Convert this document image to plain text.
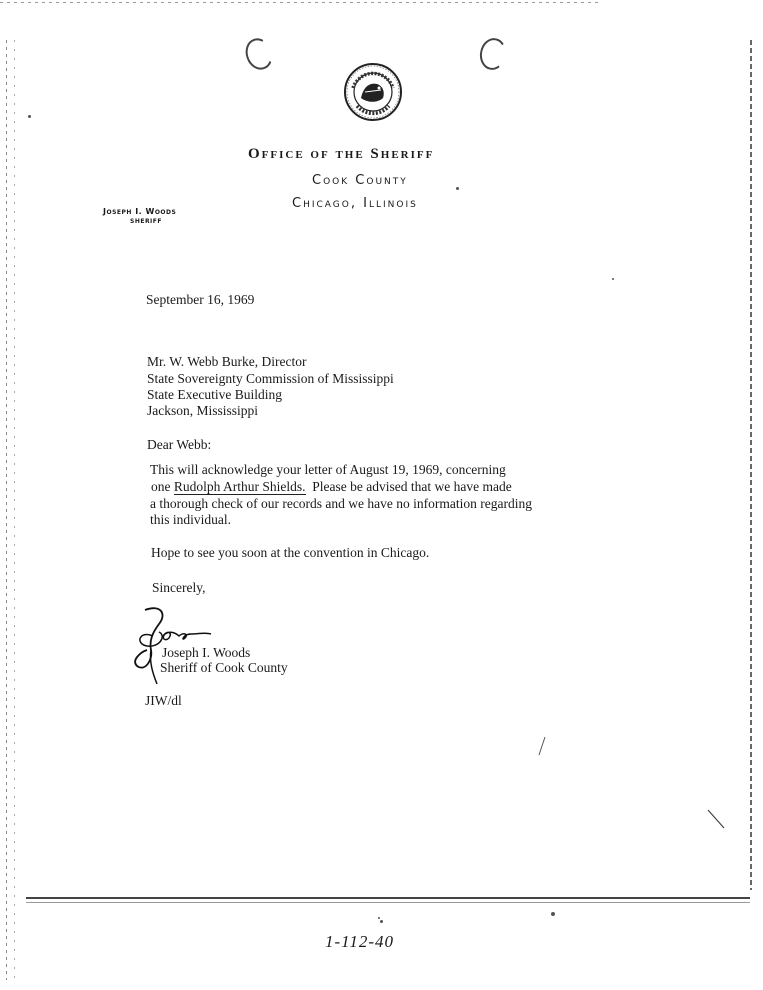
Office of the Sheriff
Cook County
Chicago, Illinois
Joseph I. Woods
SHERIFF
September 16, 1969
Mr. W. Webb Burke, Director
State Sovereignty Commission of Mississippi
State Executive Building
Jackson, Mississippi
Dear Webb:
This will acknowledge your letter of August 19, 1969, concerning
one Rudolph Arthur Shields.  Please be advised that we have made
a thorough check of our records and we have no information regarding
this individual.
Hope to see you soon at the convention in Chicago.
Sincerely,
Joseph I. Woods
Sheriff of Cook County
JIW/dl
1-112-40
